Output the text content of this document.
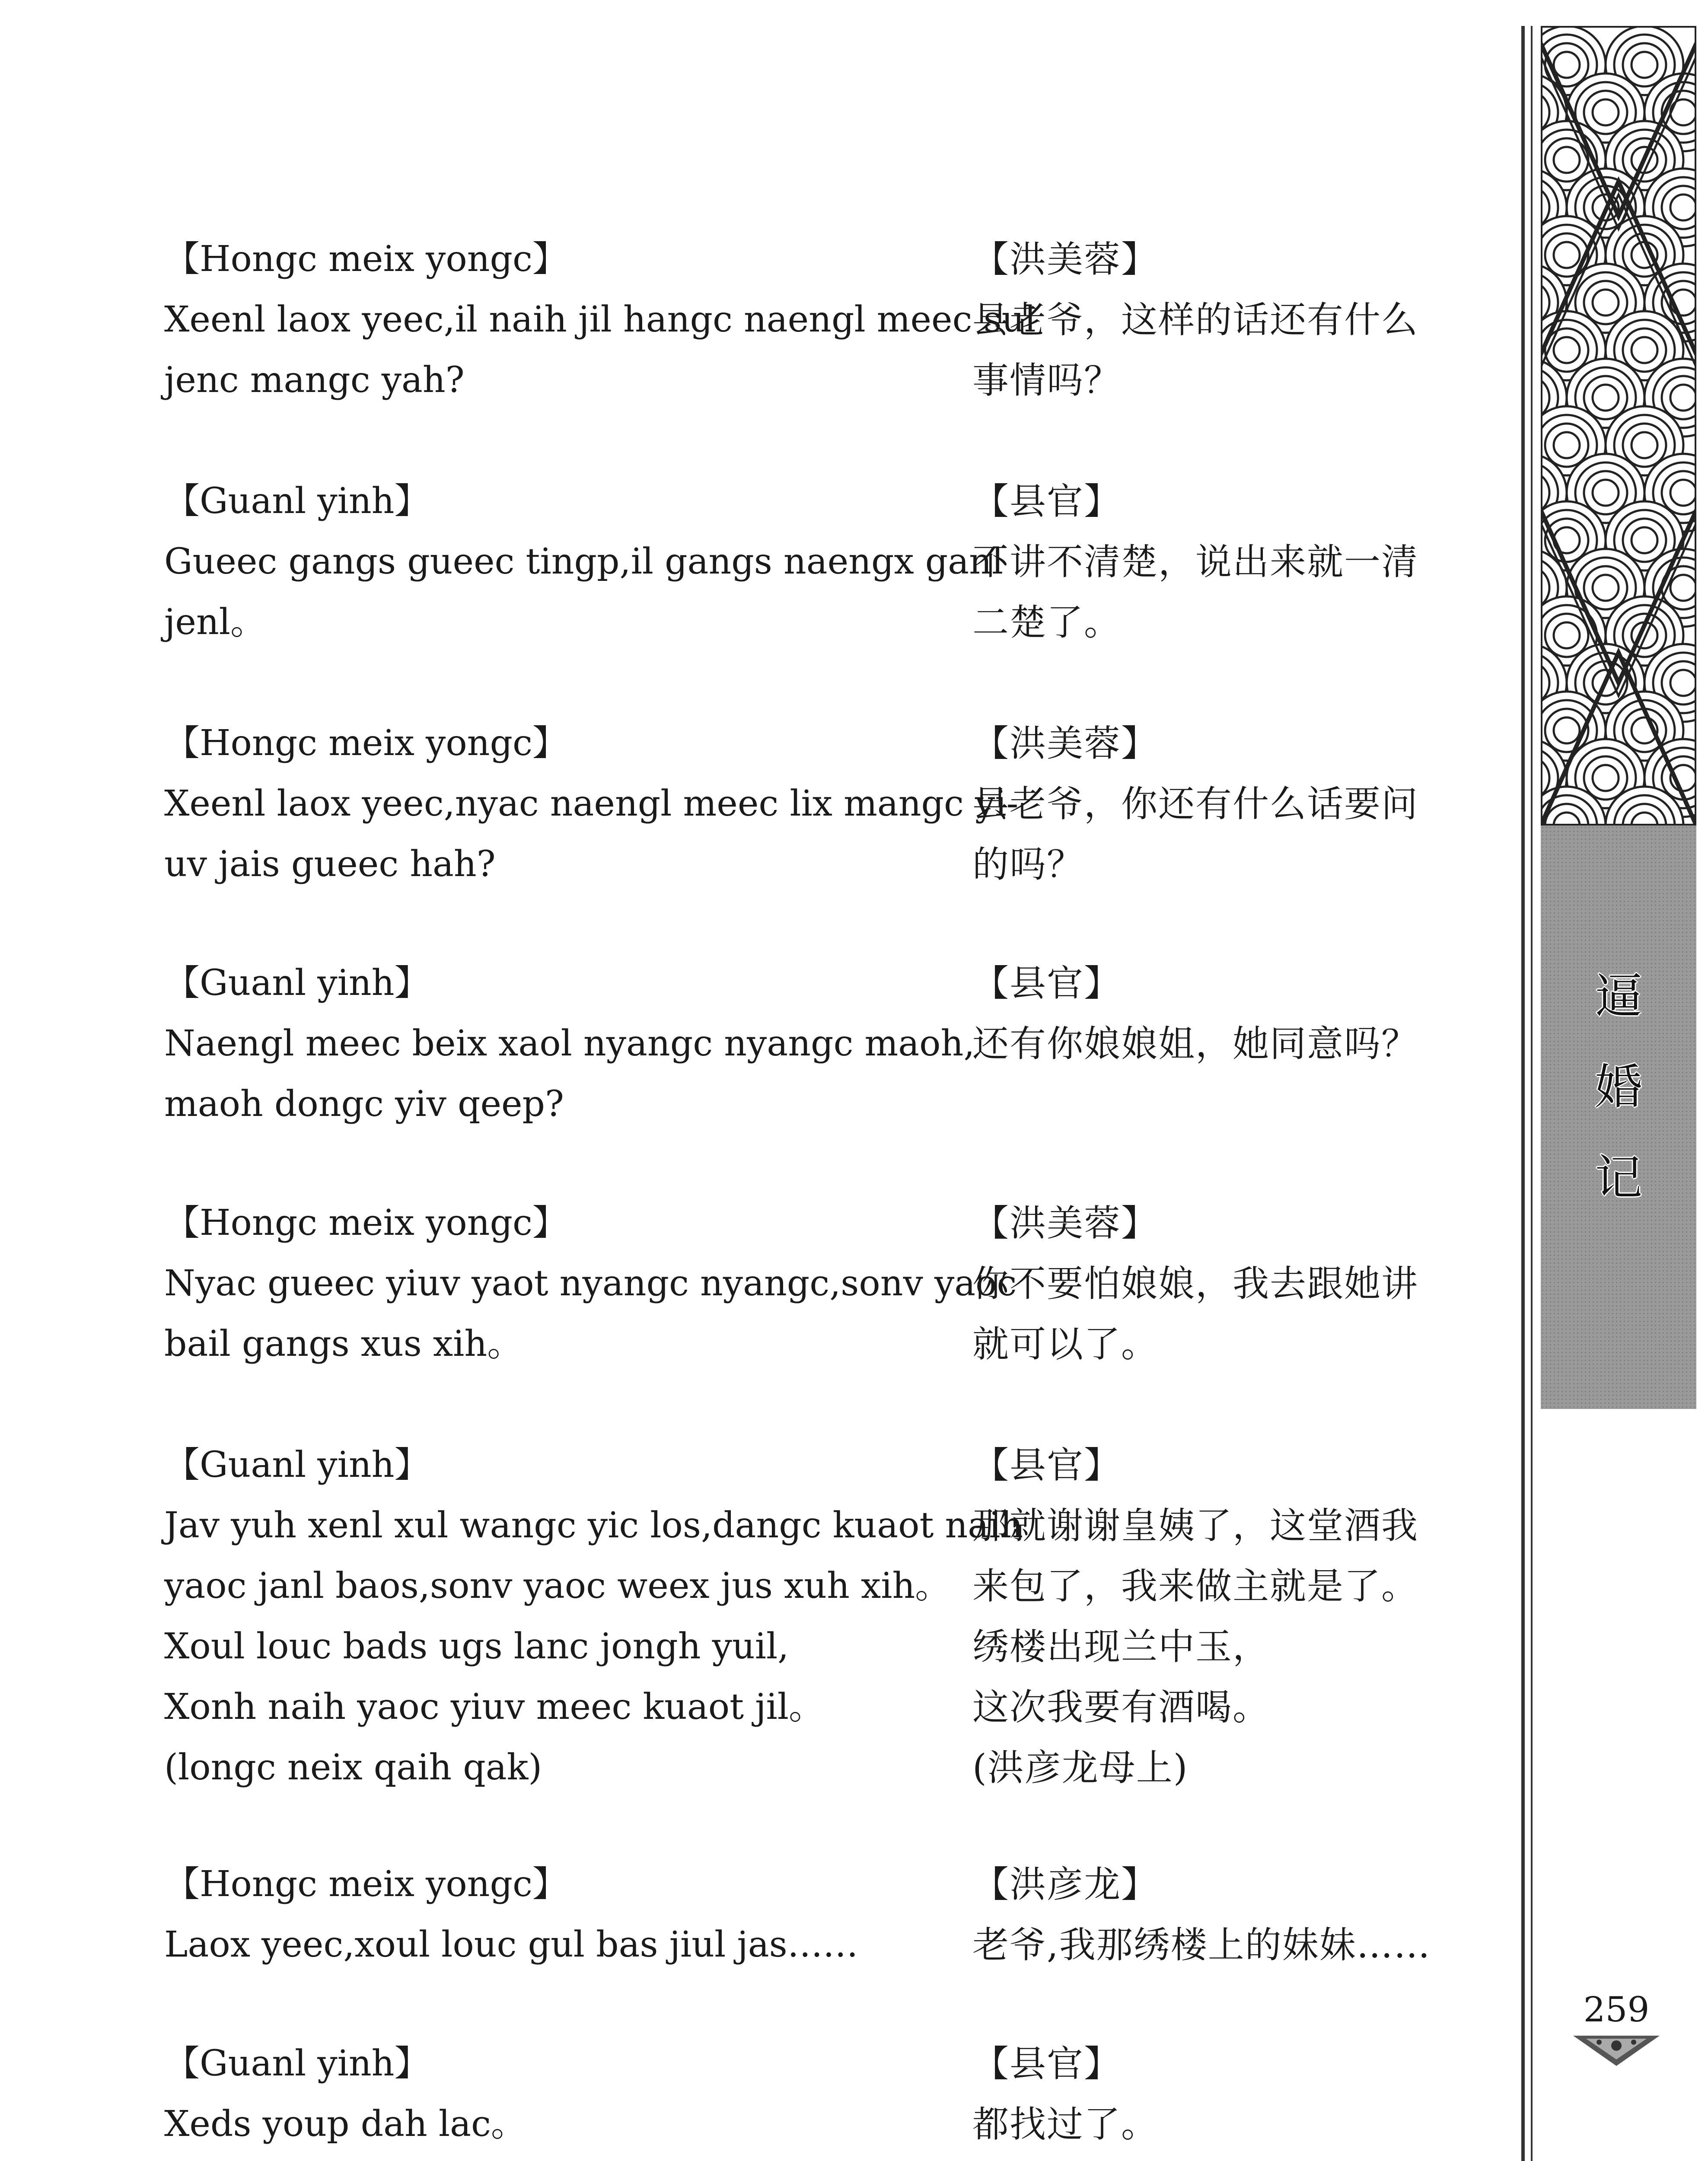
【Hongc meix yongc】
Xeenl laox yeec,il naih jil hangc naengl meec sul
jenc mangc yah?
【Guanl yinh】
Gueec gangs gueec tingp,il gangs naengx ganl
jenl。
【Hongc meix yongc】
Xeenl laox yeec,nyac naengl meec lix mangc yi-
uv jais gueec hah?
【Guanl yinh】
Naengl meec beix xaol nyangc nyangc maoh,
maoh dongc yiv qeep?
【Hongc meix yongc】
Nyac gueec yiuv yaot nyangc nyangc,sonv yaoc
bail gangs xus xih。
【Guanl yinh】
Jav yuh xenl xul wangc yic los,dangc kuaot naih
yaoc janl baos,sonv yaoc weex jus xuh xih。
Xoul louc bads ugs lanc jongh yuil,
Xonh naih yaoc yiuv meec kuaot jil。
(longc neix qaih qak)
【Hongc meix yongc】
Laox yeec,xoul louc gul bas jiul jas……
【Guanl yinh】
Xeds youp dah lac。
【洪美蓉】
县老爷，这样的话还有什么
事情吗？
【县官】
不讲不清楚，说出来就一清
二楚了。
【洪美蓉】
县老爷，你还有什么话要问
的吗？
【县官】
还有你娘娘姐，她同意吗？
【洪美蓉】
你不要怕娘娘，我去跟她讲
就可以了。
【县官】
那就谢谢皇姨了，这堂酒我
来包了，我来做主就是了。
绣楼出现兰中玉，
这次我要有酒喝。
(洪彦龙母上)
【洪彦龙】
老爷,我那绣楼上的妹妹……
【县官】
都找过了。
逼
婚
记
259
